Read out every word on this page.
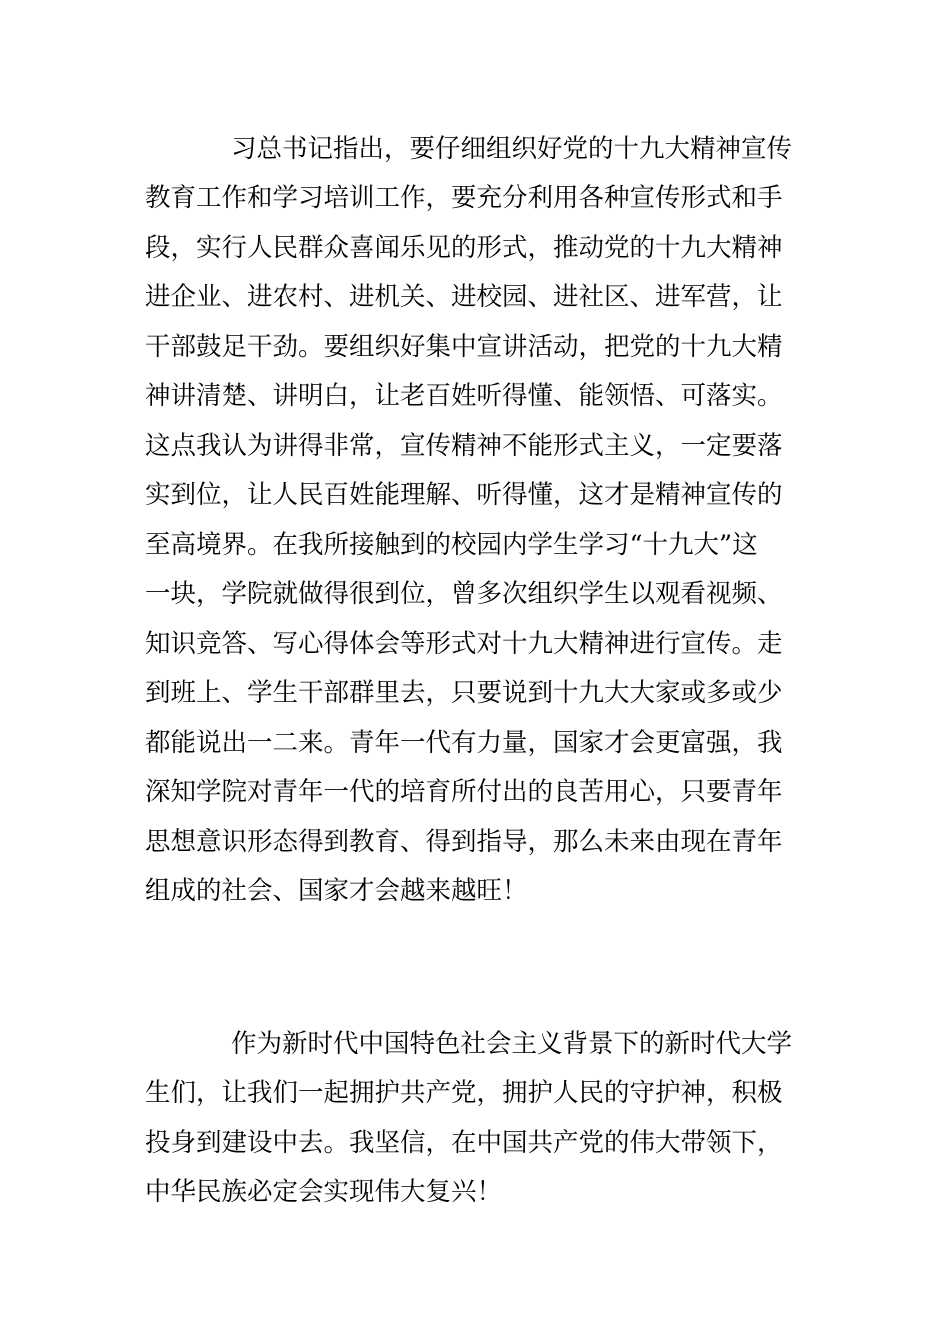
习总书记指出，要仔细组织好党的十九大精神宣传
教育工作和学习培训工作，要充分利用各种宣传形式和手
段，实行人民群众喜闻乐见的形式，推动党的十九大精神
进企业、进农村、进机关、进校园、进社区、进军营，让
干部鼓足干劲。要组织好集中宣讲活动，把党的十九大精
神讲清楚、讲明白，让老百姓听得懂、能领悟、可落实。
这点我认为讲得非常，宣传精神不能形式主义，一定要落
实到位，让人民百姓能理解、听得懂，这才是精神宣传的
至高境界。在我所接触到的校园内学生学习“十九大”这
一块，学院就做得很到位，曾多次组织学生以观看视频、
知识竞答、写心得体会等形式对十九大精神进行宣传。走
到班上、学生干部群里去，只要说到十九大大家或多或少
都能说出一二来。青年一代有力量，国家才会更富强，我
深知学院对青年一代的培育所付出的良苦用心，只要青年
思想意识形态得到教育、得到指导，那么未来由现在青年
组成的社会、国家才会越来越旺！
作为新时代中国特色社会主义背景下的新时代大学
生们，让我们一起拥护共产党，拥护人民的守护神，积极
投身到建设中去。我坚信，在中国共产党的伟大带领下，
中华民族必定会实现伟大复兴！
